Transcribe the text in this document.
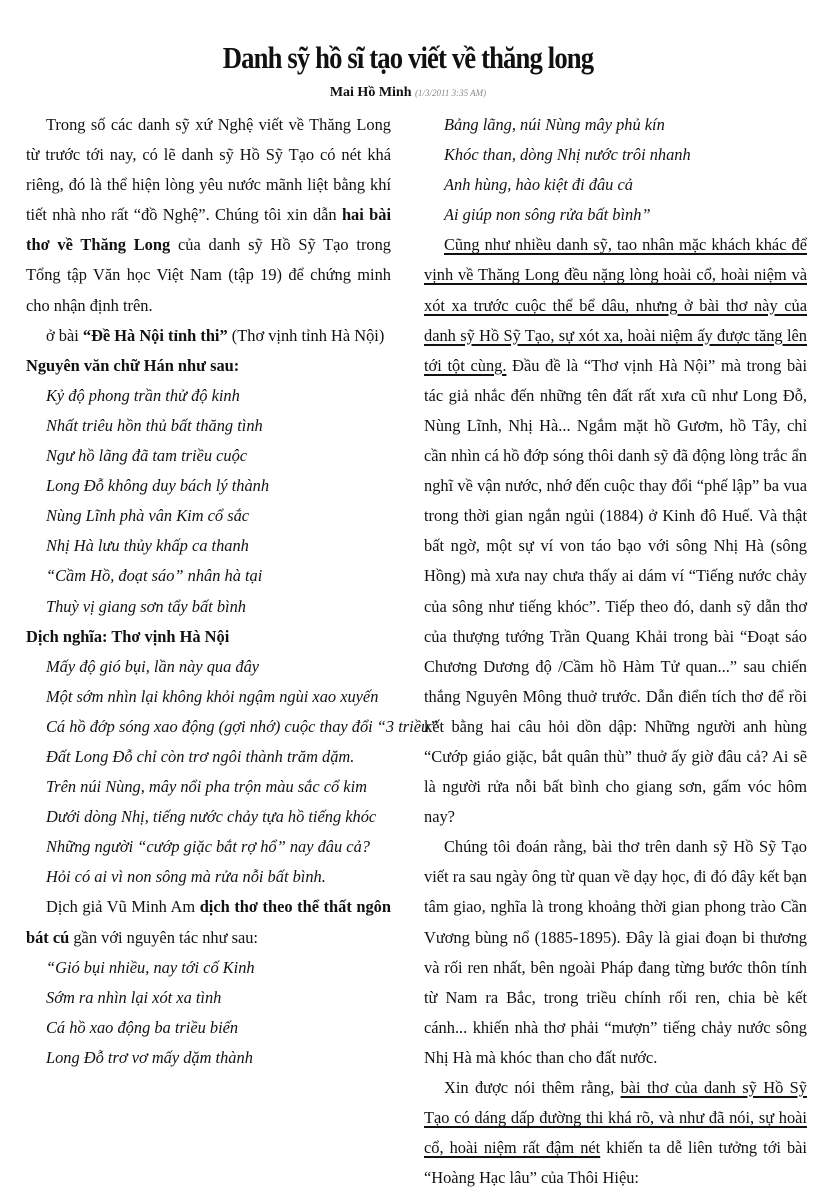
Danh sỹ hồ sĩ tạo viết về thăng long
Mai Hồ Minh (1/3/2011 3:35 AM)

Trong số các danh sỹ xứ Nghệ viết về Thăng Long từ trước tới nay, có lẽ danh sỹ Hồ Sỹ Tạo có nét khá riêng, đó là thể hiện lòng yêu nước mãnh liệt bằng khí tiết nhà nho rất “đồ Nghệ”. Chúng tôi xin dẫn hai bài thơ về Thăng Long của danh sỹ Hồ Sỹ Tạo trong Tổng tập Văn học Việt Nam (tập 19) để chứng minh cho nhận định trên.

ở bài “Đề Hà Nội tỉnh thi” (Thơ vịnh tỉnh Hà Nội)

Nguyên văn chữ Hán như sau:

Kỷ độ phong trần thử độ kinh

Nhất triêu hồn thủ bất thăng tình

Ngư hồ lãng đã tam triều cuộc

Long Đỗ không duy bách lý thành

Nùng Lĩnh phà vân Kim cổ sắc

Nhị Hà lưu thủy khấp ca thanh

“Cầm Hồ, đoạt sáo” nhân hà tại

Thuỳ vị giang sơn tẩy bất bình

Dịch nghĩa: Thơ vịnh Hà Nội

Mấy độ gió bụi, lần này qua đây

Một sớm nhìn lại không khỏi ngậm ngùi xao xuyến

Cá hồ đớp sóng xao động (gợi nhớ) cuộc thay đổi “3 triều”

Đất Long Đỗ chỉ còn trơ ngôi thành trăm dặm.

Trên núi Nùng, mây nổi pha trộn màu sắc cổ kim

Dưới dòng Nhị, tiếng nước chảy tựa hồ tiếng khóc

Những người “cướp giặc bắt rợ hổ” nay đâu cả?

Hỏi có ai vì non sông mà rửa nỗi bất bình.

Dịch giả Vũ Minh Am dịch thơ theo thể thất ngôn bát cú gần với nguyên tác như sau:

“Gió bụi nhiều, nay tới cố Kinh

Sớm ra nhìn lại xót xa tình

Cá hồ xao động ba triều biến

Long Đỗ trơ vơ mấy dặm thành

Bảng lãng, núi Nùng mây phủ kín

Khóc than, dòng Nhị nước trôi nhanh

Anh hùng, hào kiệt đi đâu cả

Ai giúp non sông rửa bất bình”

Cũng như nhiều danh sỹ, tao nhân mặc khách khác để vịnh về Thăng Long đều nặng lòng hoài cổ, hoài niệm và xót xa trước cuộc thể bể dâu, nhưng ở bài thơ này của danh sỹ Hồ Sỹ Tạo, sự xót xa, hoài niệm ấy được tăng lên tới tột cùng. Đầu đề là “Thơ vịnh Hà Nội” mà trong bài tác giả nhắc đến những tên đất rất xưa cũ như Long Đỗ, Nùng Lĩnh, Nhị Hà... Ngắm mặt hồ Gươm, hồ Tây, chỉ cần nhìn cá hồ đớp sóng thôi danh sỹ đã động lòng trắc ẩn nghĩ về vận nước, nhớ đến cuộc thay đổi “phế lập” ba vua trong thời gian ngắn ngủi (1884) ở Kinh đô Huế. Và thật bất ngờ, một sự ví von táo bạo với sông Nhị Hà (sông Hồng) mà xưa nay chưa thấy ai dám ví “Tiếng nước chảy của sông như tiếng khóc”. Tiếp theo đó, danh sỹ dẫn thơ của thượng tướng Trần Quang Khải trong bài “Đoạt sáo Chương Dương độ /Cầm hồ Hàm Tử quan...” sau chiến thắng Nguyên Mông thuở trước. Dẫn điển tích thơ để rồi kết bằng hai câu hỏi dồn dập: Những người anh hùng “Cướp giáo giặc, bắt quân thù” thuở ấy giờ đâu cả? Ai sẽ là người rửa nỗi bất bình cho giang sơn, gấm vóc hôm nay?

Chúng tôi đoán rằng, bài thơ trên danh sỹ Hồ Sỹ Tạo viết ra sau ngày ông từ quan về dạy học, đi đó đây kết bạn tâm giao, nghĩa là trong khoảng thời gian phong trào Cần Vương bùng nổ (1885-1895). Đây là giai đoạn bi thương và rối ren nhất, bên ngoài Pháp đang từng bước thôn tính từ Nam ra Bắc, trong triều chính rối ren, chia bè kết cánh... khiến nhà thơ phải “mượn” tiếng chảy nước sông Nhị Hà mà khóc than cho đất nước.

Xin được nói thêm rằng, bài thơ của danh sỹ Hồ Sỹ Tạo có dáng dấp đường thi khá rõ, và như đã nói, sự hoài cổ, hoài niệm rất đậm nét khiến ta dễ liên tưởng tới bài “Hoàng Hạc lâu” của Thôi Hiệu:
